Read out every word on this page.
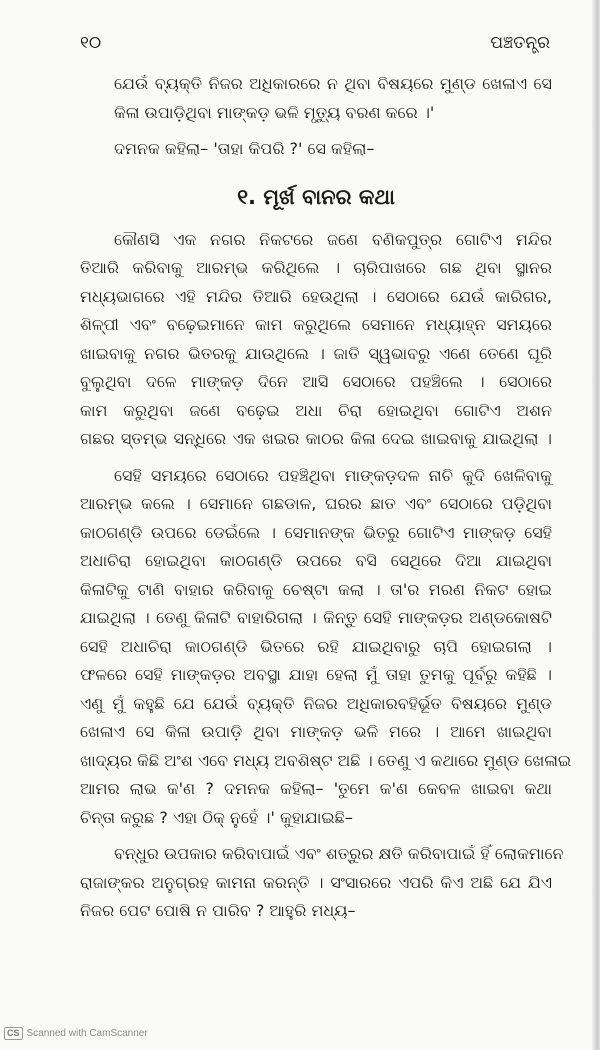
୧୦	ପଞ୍ଚତନ୍ତ୍ର

ଯେଉଁ ବ୍ୟକ୍ତି ନିଜର ଅଧିକାରରେ ନ ଥିବା ବିଷୟରେ ମୁଣ୍ଡ ଖେଳାଏ ସେ
କିଳା ଉପାଡ଼ିଥିବା ମାଙ୍କଡ଼ ଭଳି ମୃତ୍ୟୁ ବରଣ କରେ ।'

ଦମନକ କହିଲା– 'ତାହା କିପରି ?' ସେ କହିଲା–

୧. ମୂର୍ଖ ବାନର କଥା

କୌଣସି ଏକ ନଗର ନିକଟରେ ଜଣେ ବଣିକପୁତ୍ର ଗୋଟିଏ ମନ୍ଦିର
ତିଆରି କରିବାକୁ ଆରମ୍ଭ କରିଥିଲେ । ଚାରିପାଖରେ ଗଛ ଥିବା ସ୍ଥାନର
ମଧ୍ୟଭାଗରେ ଏହି ମନ୍ଦିର ତିଆରି ହେଉଥିଲା । ସେଠାରେ ଯେଉଁ କାରିଗର,
ଶିଳ୍ପୀ ଏବଂ ବଢ଼େଇମାନେ କାମ କରୁଥିଲେ ସେମାନେ ମଧ୍ୟାହ୍ନ ସମୟରେ
ଖାଇବାକୁ ନଗର ଭିତରକୁ ଯାଉଥିଲେ । ଜାତି ସ୍ୱଭାବରୁ ଏଣେ ତେଣେ ଘୂରି
ବୁଲୁଥିବା ଦଳେ ମାଙ୍କଡ଼ ଦିନେ ଆସି ସେଠାରେ ପହଞ୍ଚିଲେ । ସେଠାରେ
କାମ କରୁଥିବା ଜଣେ ବଢ଼େଇ ଅଧା ଚିରା ହୋଇଥିବା ଗୋଟିଏ ଅଶନ
ଗଛର ସ୍ତମ୍ଭ ସନ୍ଧିରେ ଏକ ଖଇର କାଠର କିଳା ଦେଇ ଖାଇବାକୁ ଯାଇଥିଲା ।

ସେହି ସମୟରେ ସେଠାରେ ପହଞ୍ଚିଥିବା ମାଙ୍କଡ଼ଦଳ ନାଚି କୁଦି ଖେଳିବାକୁ
ଆରମ୍ଭ କଲେ । ସେମାନେ ଗଛଡାଳ, ଘରର ଛାତ ଏବଂ ସେଠାରେ ପଡ଼ିଥିବା
କାଠଗଣ୍ଡି ଉପରେ ଡେଇଁଲେ । ସେମାନଙ୍କ ଭିତରୁ ଗୋଟିଏ ମାଙ୍କଡ଼ ସେହି
ଅଧାଚିରା ହୋଇଥିବା କାଠଗଣ୍ଡି ଉପରେ ବସି ସେଥିରେ ଦିଆ ଯାଇଥିବା
କିଳାଟିକୁ ଟାଣି ବାହାର କରିବାକୁ ଚେଷ୍ଟା କଲା । ତା'ର ମରଣ ନିକଟ ହୋଇ
ଯାଇଥିଲା । ତେଣୁ କିଳାଟି ବାହାରିଗଲା । କିନ୍ତୁ ସେହି ମାଙ୍କଡ଼ର ଅଣ୍ଡକୋଷଟି
ସେହି ଅଧାଚିରା କାଠଗଣ୍ଡି ଭିତରେ ରହି ଯାଇଥିବାରୁ ଚାପି ହୋଇଗଲା ।
ଫଳରେ ସେହି ମାଙ୍କଡ଼ର ଅବସ୍ଥା ଯାହା ହେଲା ମୁଁ ତାହା ତୁମକୁ ପୂର୍ବରୁ କହିଛି ।
ଏଣୁ ମୁଁ କହୁଛି ଯେ ଯେଉଁ ବ୍ୟକ୍ତି ନିଜର ଅଧିକାରବହିର୍ଭୂତ ବିଷୟରେ ମୁଣ୍ଡ
ଖେଳାଏ ସେ କିଳା ଉପାଡ଼ି ଥିବା ମାଙ୍କଡ଼ ଭଳି ମରେ । ଆମେ ଖାଇଥିବା
ଖାଦ୍ୟର କିଛି ଅଂଶ ଏବେ ମଧ୍ୟ ଅବଶିଷ୍ଟ ଅଛି । ତେଣୁ ଏ କଥାରେ ମୁଣ୍ଡ ଖେଳାଇ
ଆମର ଲାଭ କ'ଣ ? ଦମନକ କହିଲା– 'ତୁମେ କ'ଣ କେବଳ ଖାଇବା କଥା
ଚିନ୍ତା କରୁଛ ? ଏହା ଠିକ୍ ନୁହେଁ ।' କୁହାଯାଇଛି–

ବନ୍ଧୁର ଉପକାର କରିବାପାଇଁ ଏବଂ ଶତ୍ରୁର କ୍ଷତି କରିବାପାଇଁ ହିଁ ଲୋକମାନେ
ରାଜାଙ୍କର ଅନୁଗ୍ରହ କାମନା କରନ୍ତି । ସଂସାରରେ ଏପରି କିଏ ଅଛି ଯେ ଯିଏ
ନିଜର ପେଟ ପୋଷି ନ ପାରିବ ? ଆହୁରି ମଧ୍ୟ–

CS Scanned with CamScanner
